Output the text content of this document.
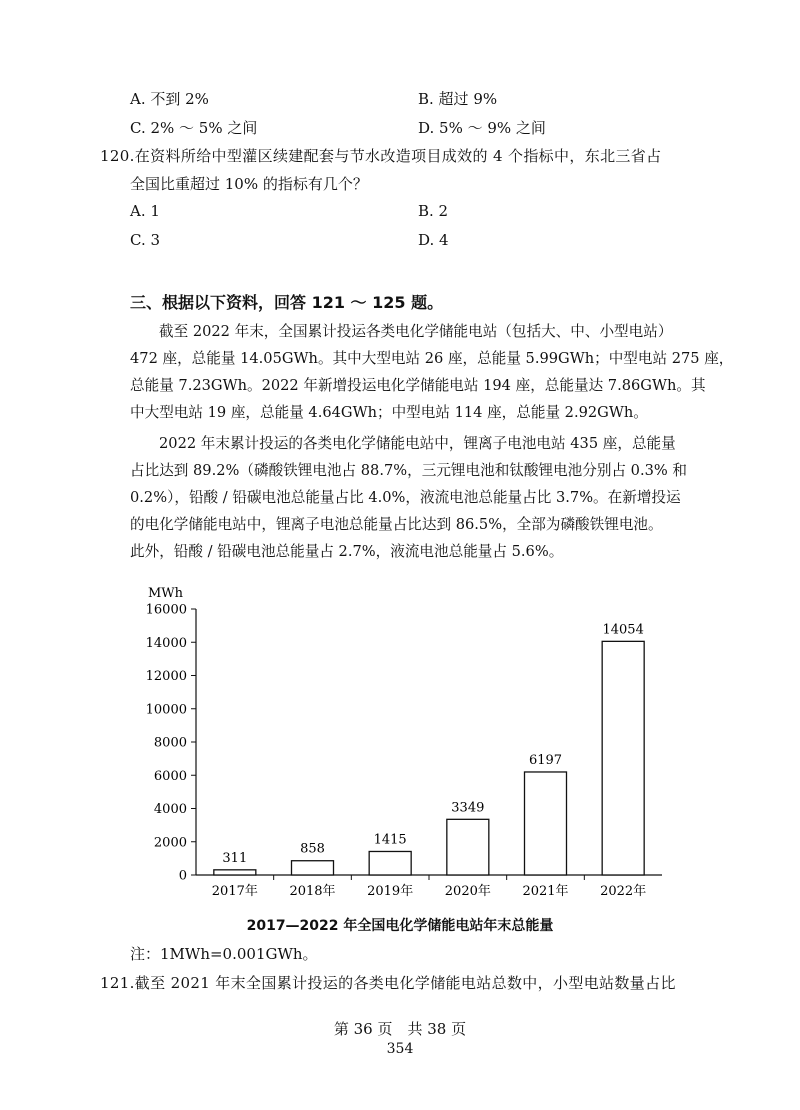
A. 不到 2%	B. 超过 9%
C. 2% ～ 5% 之间	D. 5% ～ 9% 之间
120.在资料所给中型灌区续建配套与节水改造项目成效的 4 个指标中，东北三省占
全国比重超过 10% 的指标有几个？
A. 1	B. 2
C. 3	D. 4
三、根据以下资料，回答 121 ～ 125 题。
截至 2022 年末，全国累计投运各类电化学储能电站（包括大、中、小型电站）
472 座，总能量 14.05GWh。其中大型电站 26 座，总能量 5.99GWh；中型电站 275 座，
总能量 7.23GWh。2022 年新增投运电化学储能电站 194 座，总能量达 7.86GWh。其
中大型电站 19 座，总能量 4.64GWh；中型电站 114 座，总能量 2.92GWh。
2022 年末累计投运的各类电化学储能电站中，锂离子电池电站 435 座，总能量
占比达到 89.2%（磷酸铁锂电池占 88.7%，三元锂电池和钛酸锂电池分别占 0.3% 和
0.2%），铅酸 / 铅碳电池总能量占比 4.0%，液流电池总能量占比 3.7%。在新增投运
的电化学储能电站中，锂离子电池总能量占比达到 86.5%，全部为磷酸铁锂电池。
此外，铅酸 / 铅碳电池总能量占 2.7%，液流电池总能量占 5.6%。
MWh
0
2000
4000
6000
8000
10000
12000
14000
16000
311
2017年
858
2018年
1415
2019年
3349
2020年
6197
2021年
14054
2022年
2017—2022 年全国电化学储能电站年末总能量
注：1MWh=0.001GWh。
121.截至 2021 年末全国累计投运的各类电化学储能电站总数中，小型电站数量占比
第 36 页　共 38 页
354
